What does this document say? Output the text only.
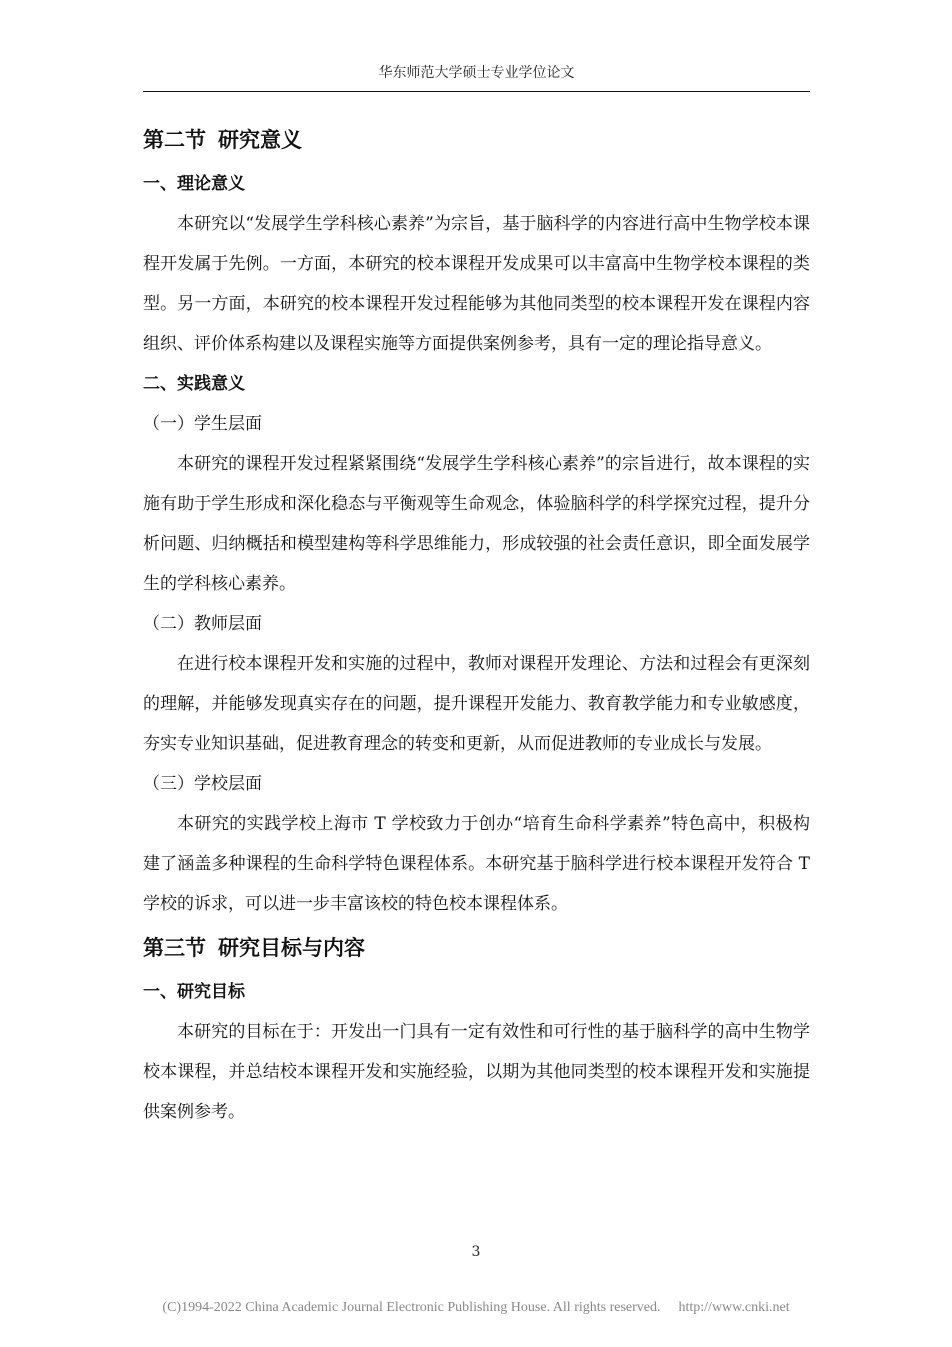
华东师范大学硕士专业学位论文
第二节 研究意义
一、理论意义

本研究以“发展学生学科核心素养”为宗旨，基于脑科学的内容进行高中生物学校本课程开发属于先例。一方面，本研究的校本课程开发成果可以丰富高中生物学校本课程的类型。另一方面，本研究的校本课程开发过程能够为其他同类型的校本课程开发在课程内容组织、评价体系构建以及课程实施等方面提供案例参考，具有一定的理论指导意义。

二、实践意义
（一）学生层面

本研究的课程开发过程紧紧围绕“发展学生学科核心素养”的宗旨进行，故本课程的实施有助于学生形成和深化稳态与平衡观等生命观念，体验脑科学的科学探究过程，提升分析问题、归纳概括和模型建构等科学思维能力，形成较强的社会责任意识，即全面发展学生的学科核心素养。

（二）教师层面

在进行校本课程开发和实施的过程中，教师对课程开发理论、方法和过程会有更深刻的理解，并能够发现真实存在的问题，提升课程开发能力、教育教学能力和专业敏感度，夯实专业知识基础，促进教育理念的转变和更新，从而促进教师的专业成长与发展。

（三）学校层面

本研究的实践学校上海市 T 学校致力于创办“培育生命科学素养”特色高中，积极构建了涵盖多种课程的生命科学特色课程体系。本研究基于脑科学进行校本课程开发符合 T 学校的诉求，可以进一步丰富该校的特色校本课程体系。

第三节 研究目标与内容
一、研究目标

本研究的目标在于：开发出一门具有一定有效性和可行性的基于脑科学的高中生物学校本课程，并总结校本课程开发和实施经验，以期为其他同类型的校本课程开发和实施提供案例参考。

3
(C)1994-2022 China Academic Journal Electronic Publishing House. All rights reserved. http://www.cnki.net
